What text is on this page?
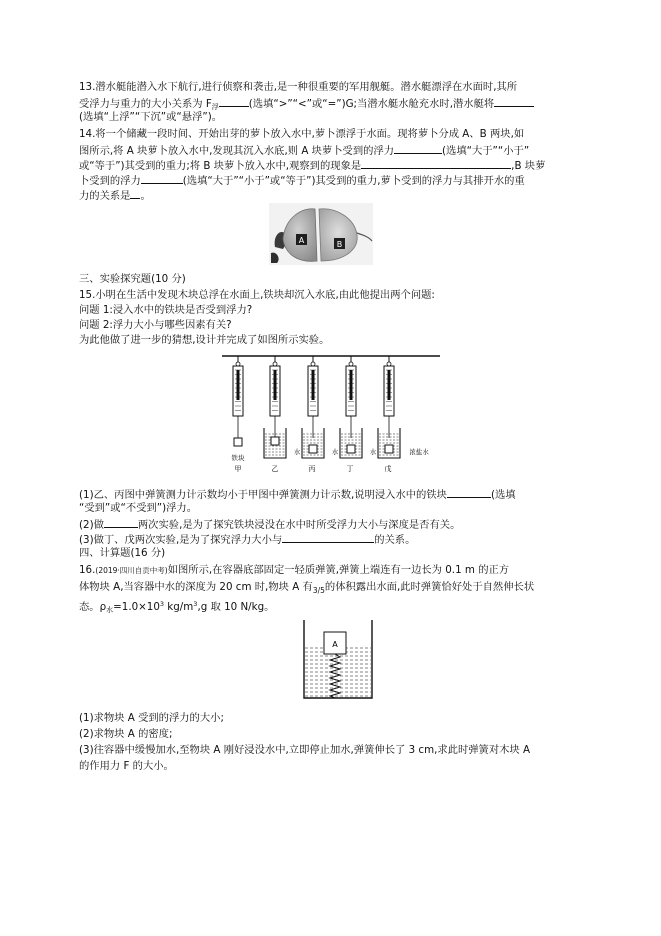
13.潜水艇能潜入水下航行,进行侦察和袭击,是一种很重要的军用舰艇。潜水艇漂浮在水面时,其所
受浮力与重力的大小关系为 $F_浮$	(选填“>”“<”或“=”)G;当潜水艇水舱充水时,潜水艇将
(选填“上浮”“下沉”或“悬浮”)。
14.将一个储藏一段时间、开始出芽的萝卜放入水中,萝卜漂浮于水面。现将萝卜分成 A、B 两块,如
图所示,将 A 块萝卜放入水中,发现其沉入水底,则 A 块萝卜受到的浮力	(选填“大于”“小于”
或“等于”)其受到的重力;将 B 块萝卜放入水中,观察到的现象是	,B 块萝
卜受到的浮力	(选填“大于”“小于”或“等于”)其受到的重力,萝卜受到的浮力与其排开水的重
力的关系是 。
A	B
三、实验探究题(10 分)
15.小明在生活中发现木块总浮在水面上,铁块却沉入水底,由此他提出两个问题:
问题 1:浸入水中的铁块是否受到浮力?
问题 2:浮力大小与哪些因素有关?
为此他做了进一步的猜想,设计并完成了如图所示实验。
甲	乙	丙	丁	戊
铁块
水	水	水	浓盐水
(1)乙、丙图中弹簧测力计示数均小于甲图中弹簧测力计示数,说明浸入水中的铁块	(选填
“受到”或“不受到”)浮力。
(2)做	两次实验,是为了探究铁块浸没在水中时所受浮力大小与深度是否有关。
(3)做丁、戊两次实验,是为了探究浮力大小与	的关系。
四、计算题(16 分)
16.(2019·四川自贡中考)如图所示,在容器底部固定一轻质弹簧,弹簧上端连有一边长为 0.1 m 的正方
体物块 A,当容器中水的深度为 20 cm 时,物块 A 有$_{3/5}$的体积露出水面,此时弹簧恰好处于自然伸长状
态。$\rho_水=1.0\times 10^3$ $kg/m^3,g$ 取 10 N/kg。
A
(1)求物块 A 受到的浮力的大小;
(2)求物块 A 的密度;
(3)往容器中缓慢加水,至物块 A 刚好浸没水中,立即停止加水,弹簧伸长了 3 cm,求此时弹簧对木块 A
的作用力 F 的大小。
